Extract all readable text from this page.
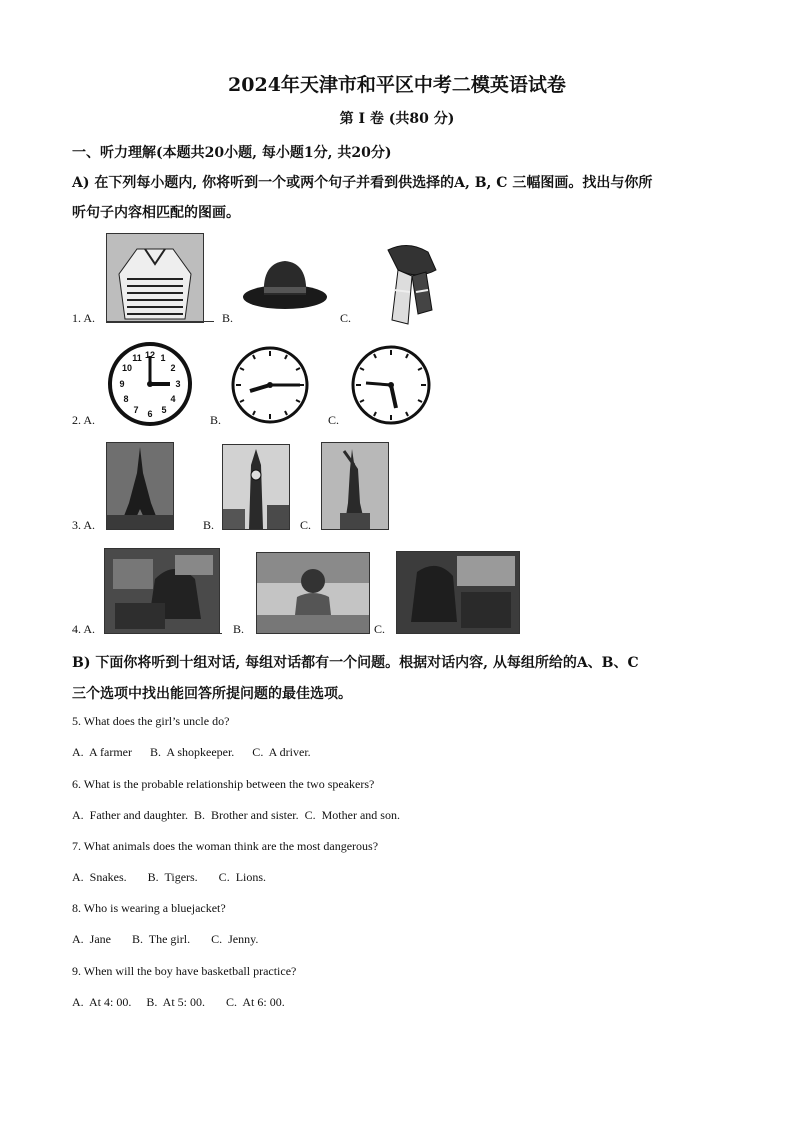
2024年天津市和平区中考二模英语试卷
第 I 卷 (共80 分)
一、听力理解(本题共20小题, 每小题1分, 共20分)
A) 在下列每小题内, 你将听到一个或两个句子并看到供选择的A, B, C 三幅图画。找出与你所
听句子内容相匹配的图画。
1. A.	B.	C.
2. A.
12 1
2
3
4
5
6
7
8
9
10
11
B.	C.
3. A.	B.	C.
4. A.	B.	C.
B) 下面你将听到十组对话, 每组对话都有一个问题。根据对话内容, 从每组所给的A、B、C
三个选项中找出能回答所提问题的最佳选项。
5. What does the girl’s uncle do?
A.  A farmer      B.  A shopkeeper.      C.  A driver.
6. What is the probable relationship between the two speakers?
A.  Father and daughter.  B.  Brother and sister.  C.  Mother and son.
7. What animals does the woman think are the most dangerous?
A.  Snakes.       B.  Tigers.       C.  Lions.
8. Who is wearing a bluejacket?
A.  Jane       B.  The girl.       C.  Jenny.
9. When will the boy have basketball practice?
A.  At 4: 00.     B.  At 5: 00.       C.  At 6: 00.
